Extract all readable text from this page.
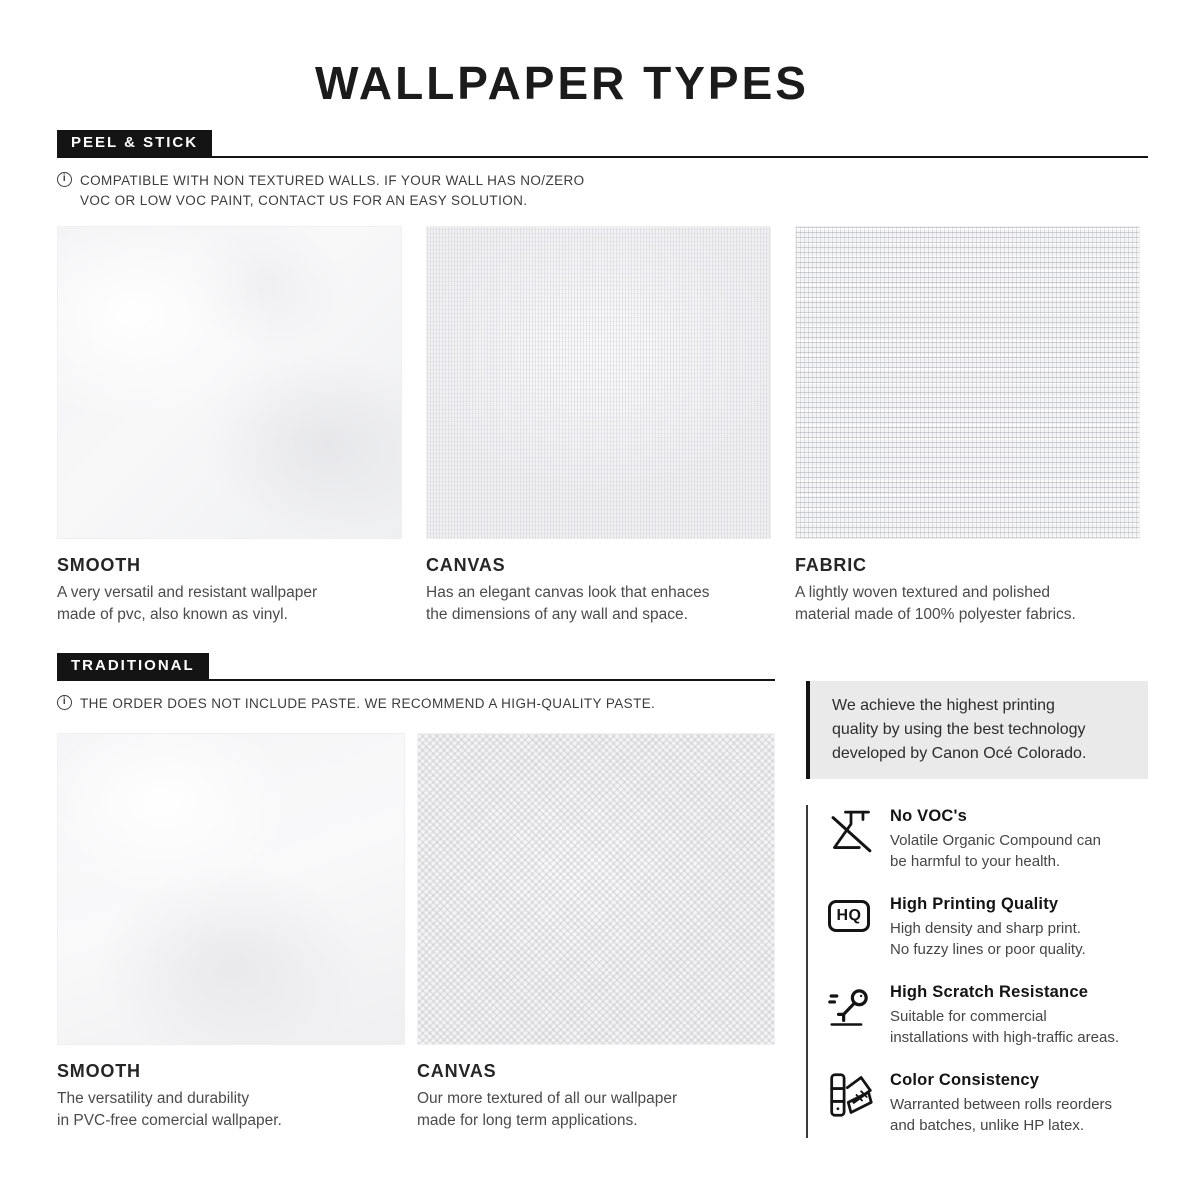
WALLPAPER TYPES
PEEL & STICK
i	COMPATIBLE WITH NON TEXTURED WALLS. IF YOUR WALL HAS NO/ZERO
VOC OR LOW VOC PAINT, CONTACT US FOR AN EASY SOLUTION.
SMOOTH

A very versatil and resistant wallpaper
made of pvc, also known as vinyl.

CANVAS

Has an elegant canvas look that enhaces
the dimensions of any wall and space.

FABRIC

A lightly woven textured and polished
material made of 100% polyester fabrics.

TRADITIONAL
i	THE ORDER DOES NOT INCLUDE PASTE. WE RECOMMEND A HIGH-QUALITY PASTE.
SMOOTH

The versatility and durability
in PVC-free comercial wallpaper.

CANVAS

Our more textured of all our wallpaper
made for long term applications.

We achieve the highest printing
quality by using the best technology
developed by Canon Océ Colorado.

No VOC's

Volatile Organic Compound can
be harmful to your health.

HQ

High Printing Quality

High density and sharp print.
No fuzzy lines or poor quality.

High Scratch Resistance

Suitable for commercial
installations with high-traffic areas.

Color Consistency

Warranted between rolls reorders
and batches, unlike HP latex.
